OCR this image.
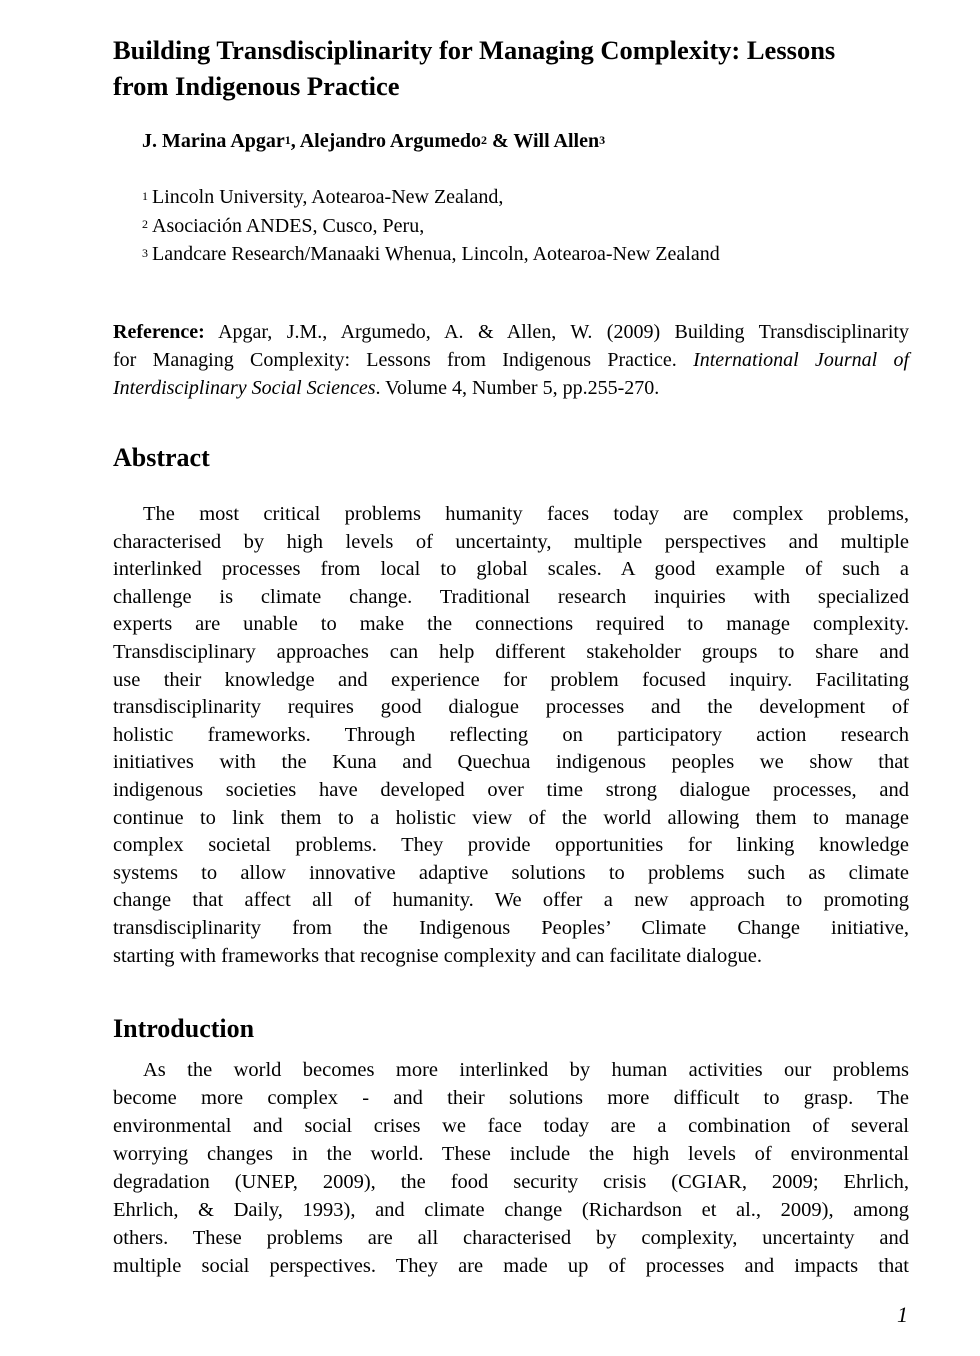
Building Transdisciplinarity for Managing Complexity: Lessons
from Indigenous Practice
J. Marina Apgar$^1$, Alejandro Argumedo$^2$ & Will Allen$^3$
$^1$ Lincoln University, Aotearoa-New Zealand,
$^2$ Asociación ANDES, Cusco, Peru,
$^3$ Landcare Research/Manaaki Whenua, Lincoln, Aotearoa-New Zealand
Reference: Apgar, J.M., Argumedo, A. & Allen, W. (2009) Building Transdisciplinarity
for Managing Complexity: Lessons from Indigenous Practice. International Journal of
Interdisciplinary Social Sciences. Volume 4, Number 5, pp.255-270.
Abstract
The most critical problems humanity faces today are complex problems,
characterised by high levels of uncertainty, multiple perspectives and multiple
interlinked processes from local to global scales. A good example of such a
challenge is climate change. Traditional research inquiries with specialized
experts are unable to make the connections required to manage complexity.
Transdisciplinary approaches can help different stakeholder groups to share and
use their knowledge and experience for problem focused inquiry. Facilitating
transdisciplinarity requires good dialogue processes and the development of
holistic frameworks. Through reflecting on participatory action research
initiatives with the Kuna and Quechua indigenous peoples we show that
indigenous societies have developed over time strong dialogue processes, and
continue to link them to a holistic view of the world allowing them to manage
complex societal problems. They provide opportunities for linking knowledge
systems to allow innovative adaptive solutions to problems such as climate
change that affect all of humanity. We offer a new approach to promoting
transdisciplinarity from the Indigenous Peoples’ Climate Change initiative,
starting with frameworks that recognise complexity and can facilitate dialogue.
Introduction
As the world becomes more interlinked by human activities our problems
become more complex - and their solutions more difficult to grasp. The
environmental and social crises we face today are a combination of several
worrying changes in the world. These include the high levels of environmental
degradation (UNEP, 2009), the food security crisis (CGIAR, 2009; Ehrlich,
Ehrlich, & Daily, 1993), and climate change (Richardson et al., 2009), among
others. These problems are all characterised by complexity, uncertainty and
multiple social perspectives. They are made up of processes and impacts that
1
